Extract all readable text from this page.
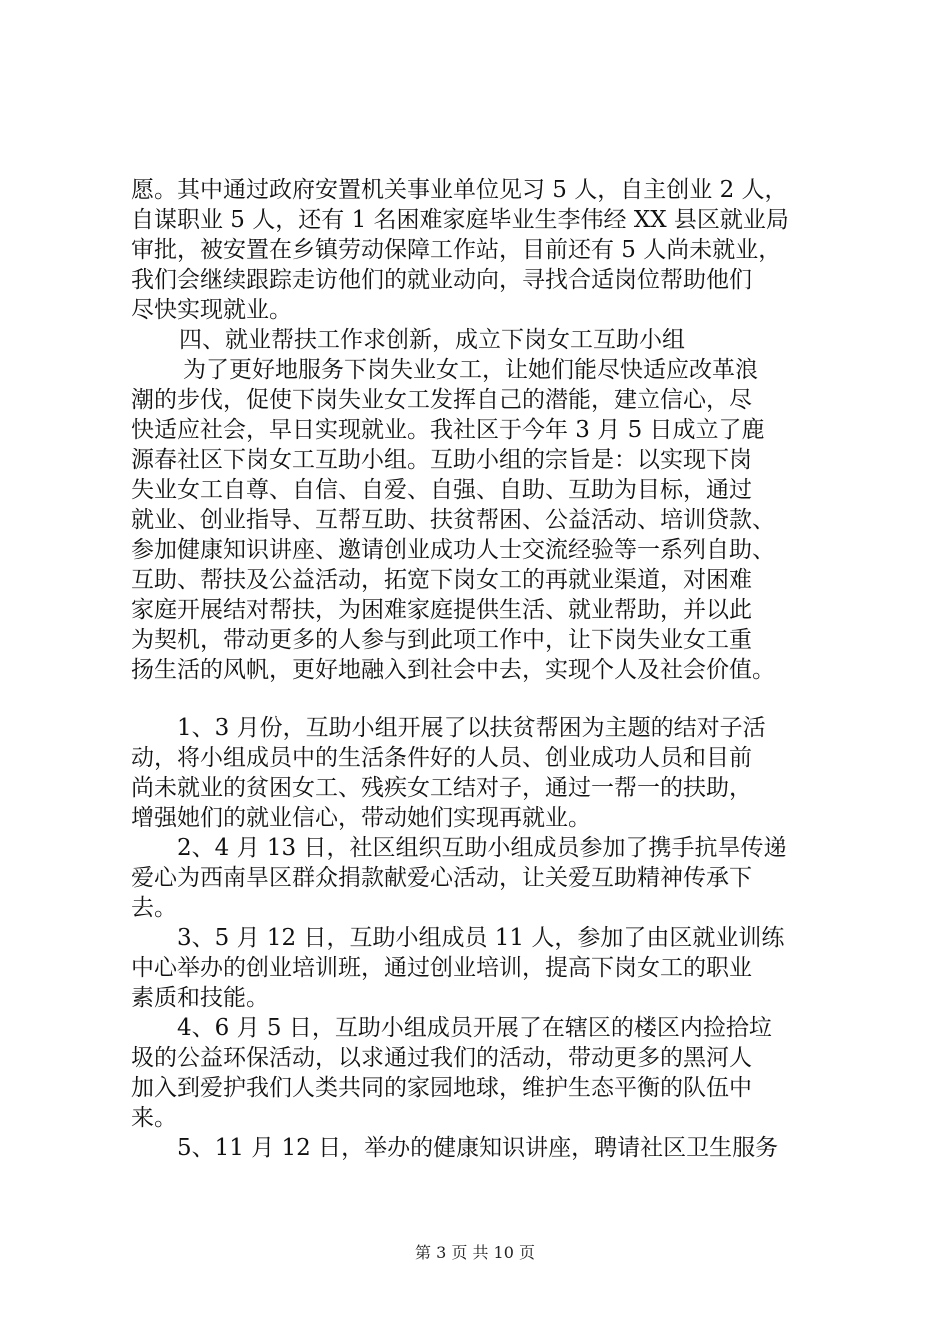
愿。其中通过政府安置机关事业单位见习 5 人，自主创业 2 人，
自谋职业 5 人，还有 1 名困难家庭毕业生李伟经 XX 县区就业局
审批，被安置在乡镇劳动保障工作站，目前还有 5 人尚未就业，
我们会继续跟踪走访他们的就业动向，寻找合适岗位帮助他们
尽快实现就业。
四、就业帮扶工作求创新，成立下岗女工互助小组
为了更好地服务下岗失业女工，让她们能尽快适应改革浪
潮的步伐，促使下岗失业女工发挥自己的潜能，建立信心，尽
快适应社会，早日实现就业。我社区于今年 3 月 5 日成立了鹿
源春社区下岗女工互助小组。互助小组的宗旨是：以实现下岗
失业女工自尊、自信、自爱、自强、自助、互助为目标，通过
就业、创业指导、互帮互助、扶贫帮困、公益活动、培训贷款、
参加健康知识讲座、邀请创业成功人士交流经验等一系列自助、
互助、帮扶及公益活动，拓宽下岗女工的再就业渠道，对困难
家庭开展结对帮扶，为困难家庭提供生活、就业帮助，并以此
为契机，带动更多的人参与到此项工作中，让下岗失业女工重
扬生活的风帆，更好地融入到社会中去，实现个人及社会价值。
1、3 月份，互助小组开展了以扶贫帮困为主题的结对子活
动，将小组成员中的生活条件好的人员、创业成功人员和目前
尚未就业的贫困女工、残疾女工结对子，通过一帮一的扶助，
增强她们的就业信心，带动她们实现再就业。
2、4 月 13 日，社区组织互助小组成员参加了携手抗旱传递
爱心为西南旱区群众捐款献爱心活动，让关爱互助精神传承下
去。
3、5 月 12 日，互助小组成员 11 人，参加了由区就业训练
中心举办的创业培训班，通过创业培训，提高下岗女工的职业
素质和技能。
4、6 月 5 日，互助小组成员开展了在辖区的楼区内捡拾垃
圾的公益环保活动，以求通过我们的活动，带动更多的黑河人
加入到爱护我们人类共同的家园地球，维护生态平衡的队伍中
来。
5、11 月 12 日，举办的健康知识讲座，聘请社区卫生服务
第 3 页 共 10 页
